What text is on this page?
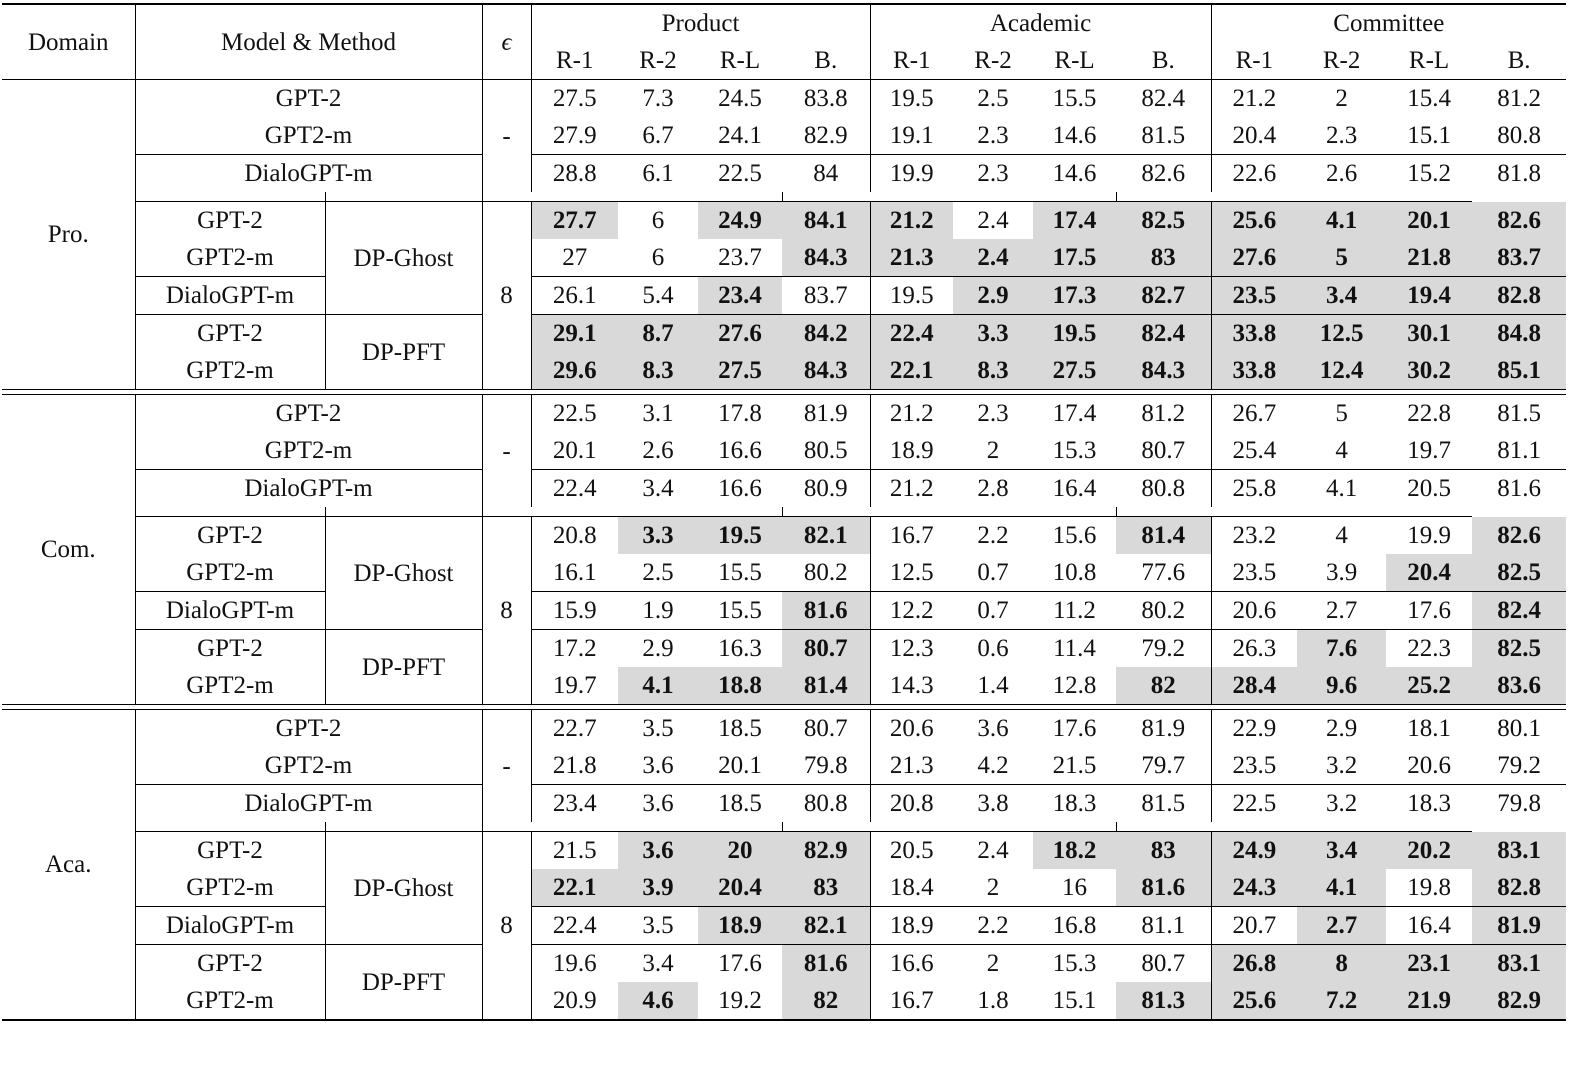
Domain	Model & Method		ϵ	Product				Academic				Committee			
				R-1	R-2	R-L	B.	R-1	R-2	R-L	B.	R-1	R-2	R-L	B.
Pro.	GPT-2		-	27.5	7.3	24.5	83.8	19.5	2.5	15.5	82.4	21.2	2	15.4	81.2
	GPT2-m			27.9	6.7	24.1	82.9	19.1	2.3	14.6	81.5	20.4	2.3	15.1	80.8
	DialoGPT-m			28.8	6.1	22.5	84	19.9	2.3	14.6	82.6	22.6	2.6	15.2	81.8

	GPT-2	DP-Ghost	8	27.7	6	24.9	84.1	21.2	2.4	17.4	82.5	25.6	4.1	20.1	82.6
	GPT2-m			27	6	23.7	84.3	21.3	2.4	17.5	83	27.6	5	21.8	83.7
	DialoGPT-m			26.1	5.4	23.4	83.7	19.5	2.9	17.3	82.7	23.5	3.4	19.4	82.8
	GPT-2	DP-PFT		29.1	8.7	27.6	84.2	22.4	3.3	19.5	82.4	33.8	12.5	30.1	84.8
	GPT2-m			29.6	8.3	27.5	84.3	22.1	8.3	27.5	84.3	33.8	12.4	30.2	85.1

Com.	GPT-2		-	22.5	3.1	17.8	81.9	21.2	2.3	17.4	81.2	26.7	5	22.8	81.5
	GPT2-m			20.1	2.6	16.6	80.5	18.9	2	15.3	80.7	25.4	4	19.7	81.1
	DialoGPT-m			22.4	3.4	16.6	80.9	21.2	2.8	16.4	80.8	25.8	4.1	20.5	81.6

	GPT-2	DP-Ghost	8	20.8	3.3	19.5	82.1	16.7	2.2	15.6	81.4	23.2	4	19.9	82.6
	GPT2-m			16.1	2.5	15.5	80.2	12.5	0.7	10.8	77.6	23.5	3.9	20.4	82.5
	DialoGPT-m			15.9	1.9	15.5	81.6	12.2	0.7	11.2	80.2	20.6	2.7	17.6	82.4
	GPT-2	DP-PFT		17.2	2.9	16.3	80.7	12.3	0.6	11.4	79.2	26.3	7.6	22.3	82.5
	GPT2-m			19.7	4.1	18.8	81.4	14.3	1.4	12.8	82	28.4	9.6	25.2	83.6

Aca.	GPT-2		-	22.7	3.5	18.5	80.7	20.6	3.6	17.6	81.9	22.9	2.9	18.1	80.1
	GPT2-m			21.8	3.6	20.1	79.8	21.3	4.2	21.5	79.7	23.5	3.2	20.6	79.2
	DialoGPT-m			23.4	3.6	18.5	80.8	20.8	3.8	18.3	81.5	22.5	3.2	18.3	79.8

	GPT-2	DP-Ghost	8	21.5	3.6	20	82.9	20.5	2.4	18.2	83	24.9	3.4	20.2	83.1
	GPT2-m			22.1	3.9	20.4	83	18.4	2	16	81.6	24.3	4.1	19.8	82.8
	DialoGPT-m			22.4	3.5	18.9	82.1	18.9	2.2	16.8	81.1	20.7	2.7	16.4	81.9
	GPT-2	DP-PFT		19.6	3.4	17.6	81.6	16.6	2	15.3	80.7	26.8	8	23.1	83.1
	GPT2-m			20.9	4.6	19.2	82	16.7	1.8	15.1	81.3	25.6	7.2	21.9	82.9
